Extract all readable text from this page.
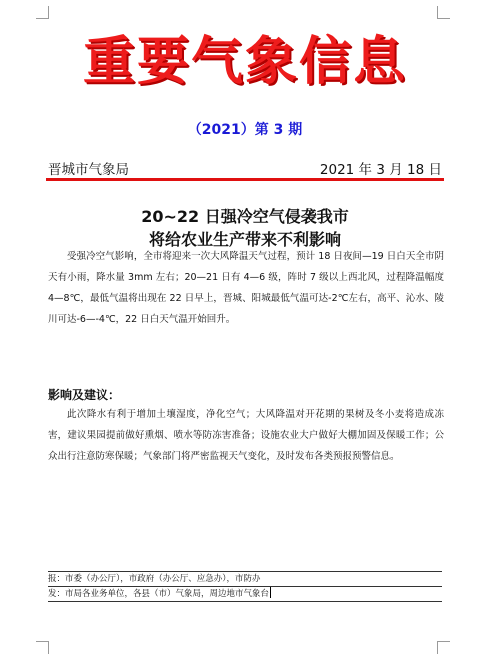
重要气象信息
（2021）第 3 期
晋城市气象局	2021 年 3 月 18 日
20~22 日强冷空气侵袭我市
将给农业生产带来不利影响
受强冷空气影响，全市将迎来一次大风降温天气过程，预计 18 日夜间—19 日白天全市阴天有小雨，降水量 3mm 左右；20—21 日有 4—6 级，阵时 7 级以上西北风，过程降温幅度 4—8℃，最低气温将出现在 22 日早上，晋城、阳城最低气温可达-2℃左右，高平、沁水、陵川可达-6—-4℃，22 日白天气温开始回升。
影响及建议：
此次降水有利于增加土壤湿度，净化空气；大风降温对开花期的果树及冬小麦将造成冻害，建议果园提前做好熏烟、喷水等防冻害准备；设施农业大户做好大棚加固及保暖工作；公众出行注意防寒保暖；气象部门将严密监视天气变化，及时发布各类预报预警信息。
报：市委（办公厅），市政府（办公厅、应急办），市防办
发：市局各业务单位，各县（市）气象局，周边地市气象台
